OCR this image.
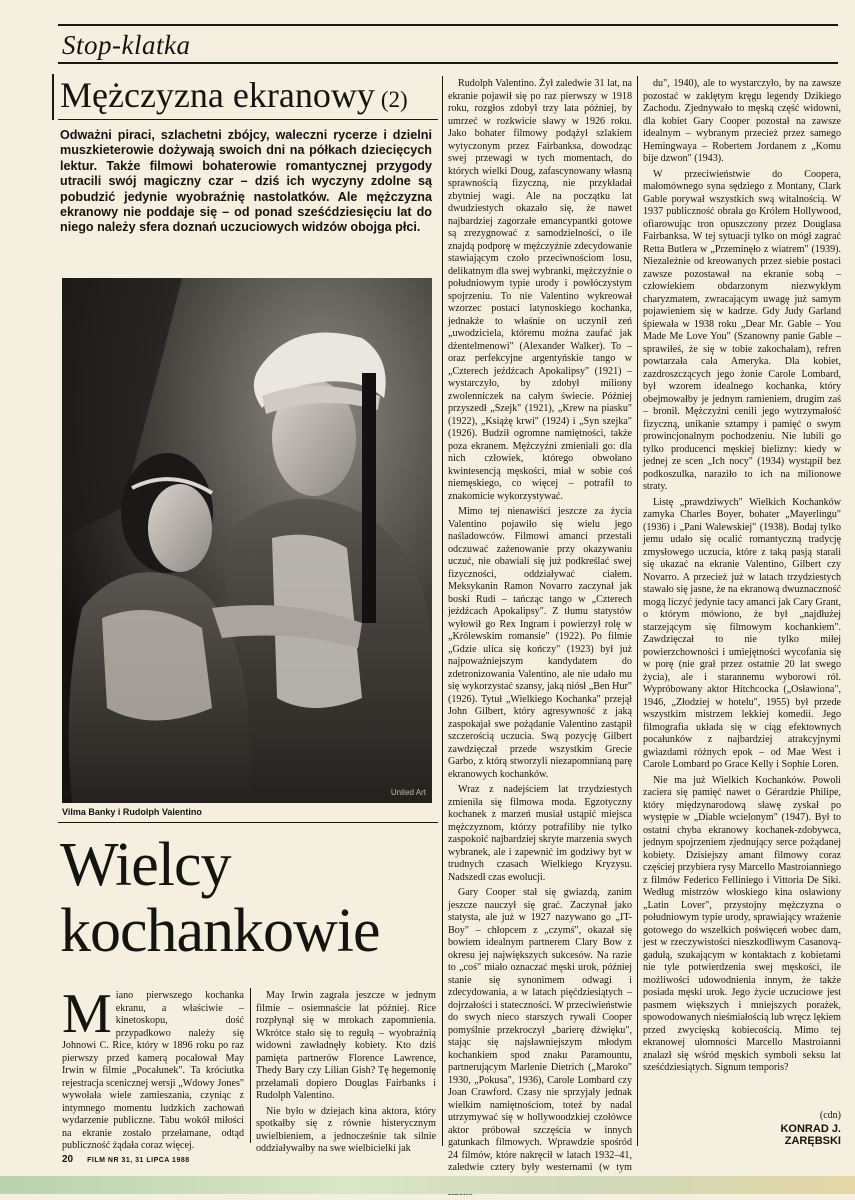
Stop-klatka
Mężczyzna ekranowy (2)
Odważni piraci, szlachetni zbójcy, waleczni rycerze i dzielni muszkieterowie dożywają swoich dni na półkach dziecięcych lektur. Także filmowi bohaterowie romantycznej przygody utracili swój magiczny czar – dziś ich wyczyny zdolne są pobudzić jedynie wyobraźnię nastolatków. Ale mężczyzna ekranowy nie poddaje się – od ponad sześćdziesięciu lat do niego należy sfera doznań uczuciowych widzów obojga płci.
United Art
Vilma Banky i Rudolph Valentino
Wielcy
kochankowie

Miano pierwszego kochanka ekranu, a właściwie – kinetoskopu, dość przypadkowo należy się Johnowi C. Rice, który w 1896 roku po raz pierwszy przed kamerą pocałował May Irwin w filmie „Pocałunek". Ta króciutka rejestracja scenicznej wersji „Wdowy Jones" wywołała wiele zamieszania, czyniąc z intymnego momentu ludzkich zachowań wydarzenie publiczne. Tabu wokół miłości na ekranie zostało przełamane, odtąd publiczność żądała coraz więcej.

May Irwin zagrała jeszcze w jednym filmie – osiemnaście lat później. Rice rozpłynął się w mrokach zapomnienia. Wkrótce stało się to regułą – wyobraźnią widowni zawładnęły kobiety. Kto dziś pamięta partnerów Florence Lawrence, Thedy Bary czy Lilian Gish? Tę hegemonię przełamali dopiero Douglas Fairbanks i Rudolph Valentino.

Nie było w dziejach kina aktora, który spotkałby się z równie histerycznym uwielbieniem, a jednocześnie tak silnie oddziaływałby na swe wielbicielki jak

Rudolph Valentino. Żył zaledwie 31 lat, na ekranie pojawił się po raz pierwszy w 1918 roku, rozgłos zdobył trzy lata później, by umrzeć w rozkwicie sławy w 1926 roku. Jako bohater filmowy podążył szlakiem wytyczonym przez Fairbanksa, dowodząc swej przewagi w tych momentach, do których wielki Doug, zafascynowany własną sprawnością fizyczną, nie przykładał zbytniej wagi. Ale na początku lat dwudziestych okazało się, że nawet najbardziej zagorzałe emancypantki gotowe są zrezygnować z samodzielności, o ile znajdą podporę w mężczyźnie zdecydowanie stawiającym czoło przeciwnościom losu, delikatnym dla swej wybranki, mężczyźnie o południowym typie urody i powłóczystym spojrzeniu. To nie Valentino wykreował wzorzec postaci latynoskiego kochanka, jednakże to właśnie on uczynił zeń „uwodziciela, któremu można zaufać jak dżentelmenowi" (Alexander Walker). To – oraz perfekcyjne argentyńskie tango w „Czterech jeźdźcach Apokalipsy" (1921) – wystarczyło, by zdobył miliony zwolenniczek na całym świecie. Później przyszedł „Szejk" (1921), „Krew na piasku" (1922), „Książę krwi" (1924) i „Syn szejka" (1926). Budził ogromne namiętności, także poza ekranem. Mężczyźni zmieniali go: dla nich człowiek, którego obwołano kwintesencją męskości, miał w sobie coś niemęskiego, co więcej – potrafił to znakomicie wykorzystywać.

Mimo tej nienawiści jeszcze za życia Valentino pojawiło się wielu jego naśladowców. Filmowi amanci przestali odczuwać zażenowanie przy okazywaniu uczuć, nie obawiali się już podkreślać swej fizyczności, oddziaływać ciałem. Meksykanin Ramon Novarro zaczynał jak boski Rudi – tańcząc tango w „Czterech jeźdźcach Apokalipsy". Z tłumu statystów wyłowił go Rex Ingram i powierzył rolę w „Królewskim romansie" (1922). Po filmie „Gdzie ulica się kończy" (1923) był już najpoważniejszym kandydatem do zdetronizowania Valentino, ale nie udało mu się wykorzystać szansy, jaką niósł „Ben Hur" (1926). Tytuł „Wielkiego Kochanka" przejął John Gilbert, który agresywność z jaką zaspokajał swe pożądanie Valentino zastąpił szczerością uczucia. Swą pozycję Gilbert zawdzięczał przede wszystkim Grecie Garbo, z którą stworzyli niezapomnianą parę ekranowych kochanków.

Wraz z nadejściem lat trzydziestych zmieniła się filmowa moda. Egzotyczny kochanek z marzeń musiał ustąpić miejsca mężczyznom, którzy potrafiliby nie tylko zaspokoić najbardziej skryte marzenia swych wybranek, ale i zapewnić im godziwy byt w trudnych czasach Wielkiego Kryzysu. Nadszedł czas ewolucji.

Gary Cooper stał się gwiazdą, zanim jeszcze nauczył się grać. Zaczynał jako statysta, ale już w 1927 nazywano go „IT-Boy" – chłopcem z „czymś", okazał się bowiem idealnym partnerem Clary Bow z okresu jej największych sukcesów. Na razie to „coś" miało oznaczać męski urok, później stanie się synonimem odwagi i zdecydowania, a w latach pięćdziesiątych – dojrzałości i stateczności. W przeciwieństwie do swych nieco starszych rywali Cooper pomyślnie przekroczył „barierę dźwięku", stając się najsławniejszym młodym kochankiem spod znaku Paramountu, partnerującym Marlenie Dietrich („Maroko" 1930, „Pokusa", 1936), Carole Lombard czy Joan Crawford. Czasy nie sprzyjały jednak wielkim namiętnościom, toteż by nadal utrzymywać się w hollywoodzkiej czołówce aktor próbował szczęścia w innych gatunkach filmowych. Wprawdzie spośród 24 filmów, które nakręcił w latach 1932–41, zaledwie cztery były westernami (w tym

du", 1940), ale to wystarczyło, by na zawsze pozostać w zaklętym kręgu legendy Dzikiego Zachodu. Zjednywało to męską część widowni, dla kobiet Gary Cooper pozostał na zawsze idealnym – wybranym przecież przez samego Hemingwaya – Robertem Jordanem z „Komu bije dzwon" (1943).

W przeciwieństwie do Coopera, małomównego syna sędziego z Montany, Clark Gable porywał wszystkich swą witalnością. W 1937 publiczność obrała go Królem Hollywood, ofiarowując tron opuszczony przez Douglasa Fairbanksa. W tej sytuacji tylko on mógł zagrać Retta Butlera w „Przeminęło z wiatrem" (1939). Niezależnie od kreowanych przez siebie postaci zawsze pozostawał na ekranie sobą – człowiekiem obdarzonym niezwykłym charyzmatem, zwracającym uwagę już samym pojawieniem się w kadrze. Gdy Judy Garland śpiewała w 1938 roku „Dear Mr. Gable – You Made Me Love You" (Szanowny panie Gable – sprawiłeś, że się w tobie zakochałam), refren powtarzała cała Ameryka. Dla kobiet, zazdroszczących jego żonie Carole Lombard, był wzorem idealnego kochanka, który obejmowałby je jednym ramieniem, drugim zaś – bronił. Mężczyźni cenili jego wytrzymałość fizyczną, unikanie sztampy i pamięć o swym prowincjonalnym pochodzeniu. Nie lubili go tylko producenci męskiej bielizny: kiedy w jednej ze scen „Ich nocy" (1934) wystąpił bez podkoszulka, naraziło to ich na milionowe straty.

Listę „prawdziwych" Wielkich Kochanków zamyka Charles Boyer, bohater „Mayerlingu" (1936) i „Pani Walewskiej" (1938). Bodaj tylko jemu udało się ocalić romantyczną tradycję zmysłowego uczucia, które z taką pasją starali się ukazać na ekranie Valentino, Gilbert czy Novarro. A przecież już w latach trzydziestych stawało się jasne, że na ekranową dwuznaczność mogą liczyć jedynie tacy amanci jak Cary Grant, o którym mówiono, że był „najdłużej starzejącym się filmowym kochankiem". Zawdzięczał to nie tylko miłej powierzchowności i umiejętności wycofania się w porę (nie grał przez ostatnie 20 lat swego życia), ale i starannemu wyborowi ról. Wypróbowany aktor Hitchcocka („Osławiona", 1946, „Złodziej w hotelu", 1955) był przede wszystkim mistrzem lekkiej komedii. Jego filmografia układa się w ciąg efektownych pocałunków z najbardziej atrakcyjnymi gwiazdami różnych epok – od Mae West i Carole Lombard po Grace Kelly i Sophie Loren.

Nie ma już Wielkich Kochanków. Powoli zaciera się pamięć nawet o Gérardzie Philipe, który międzynarodową sławę zyskał po występie w „Diable wcielonym" (1947). Był to ostatni chyba ekranowy kochanek-zdobywca, jednym spojrzeniem zjednujący serce pożądanej kobiety. Dzisiejszy amant filmowy coraz częściej przybiera rysy Marcello Mastroianniego z filmów Federico Felliniego i Vittoria De Siki. Według mistrzów włoskiego kina osławiony „Latin Lover", przystojny mężczyzna o południowym typie urody, sprawiający wrażenie gotowego do wszelkich poświęceń wobec dam, jest w rzeczywistości nieszkodliwym Casanovą-gadułą, szukającym w kontaktach z kobietami nie tyle potwierdzenia swej męskości, ile możliwości udowodnienia innym, że także posiada męski urok. Jego życie uczuciowe jest pasmem większych i mniejszych porażek, spowodowanych nieśmiałością lub wręcz lękiem przed zwycięską kobiecością. Mimo tej ekranowej ułomności Marcello Mastroianni znalazł się wśród męskich symboli seksu lat sześćdziesiątych. Signum temporis?

(cdn)
KONRAD J.
ZARĘBSKI
20 FILM NR 31, 31 LIPCA 1988
